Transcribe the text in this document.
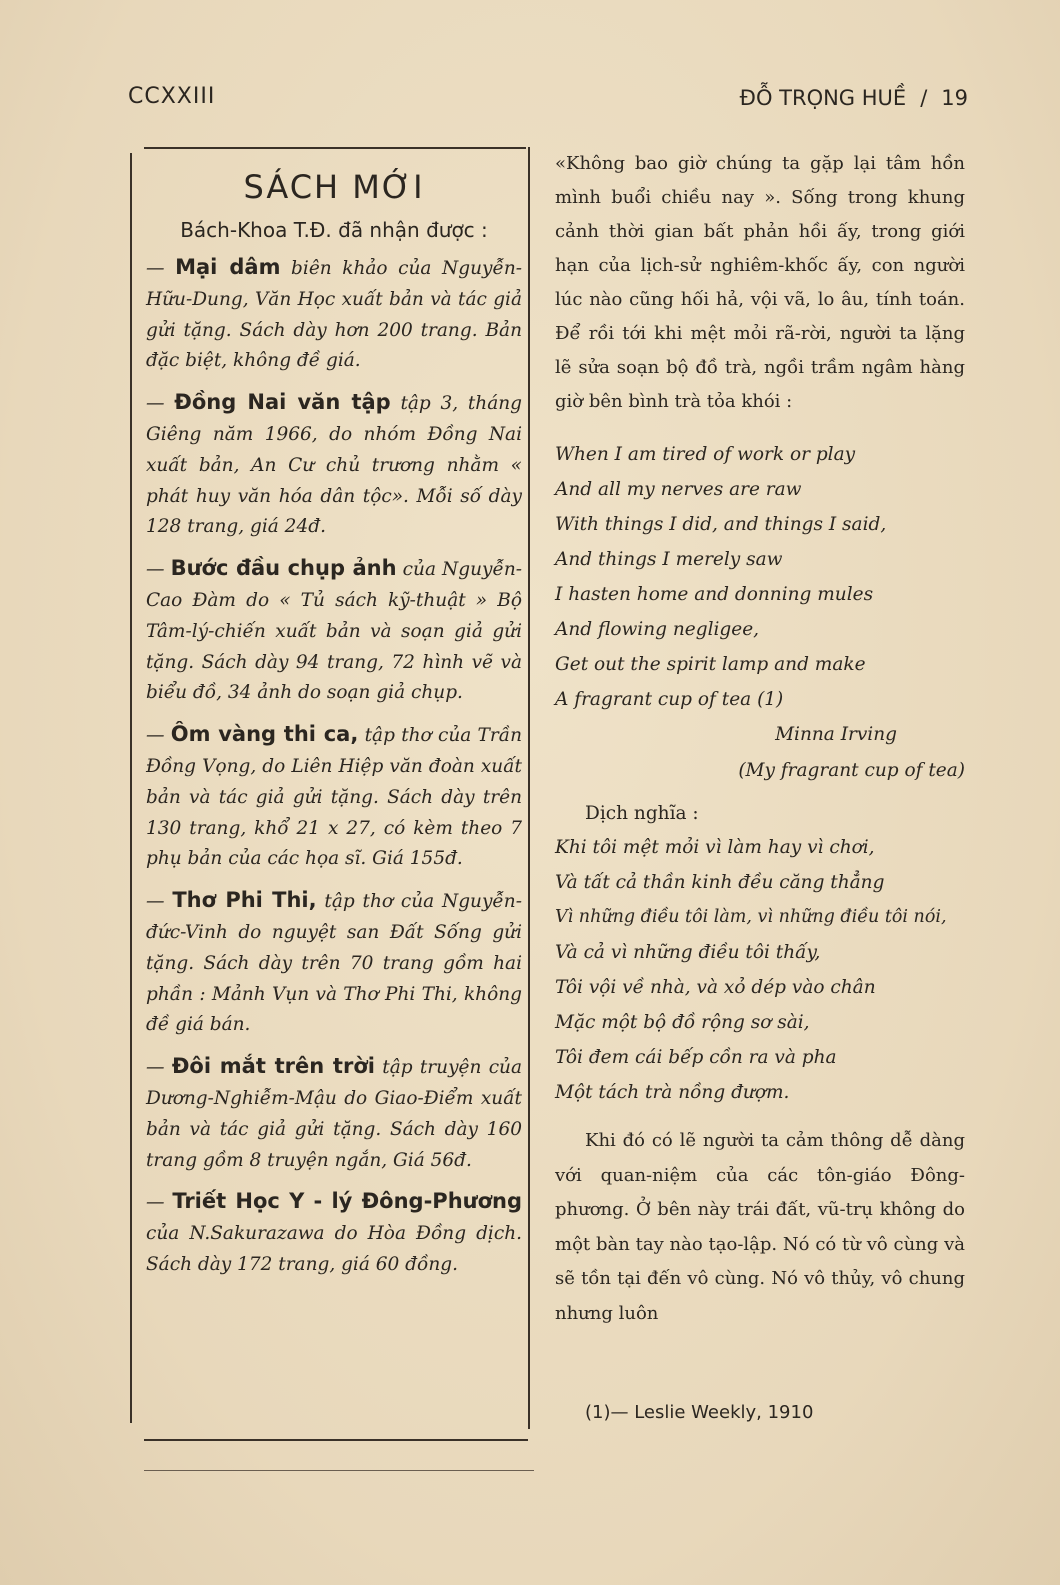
CCXXIII	ĐỖ TRỌNG HUỀ / 19
SÁCH MỚI
Bách-Khoa T.Đ. đã nhận được :
— Mại dâm biên khảo của Nguyễn-Hữu-Dung, Văn Học xuất bản và tác giả gửi tặng. Sách dày hơn 200 trang. Bản đặc biệt, không đề giá.
— Đồng Nai văn tập tập 3, tháng Giêng năm 1966, do nhóm Đồng Nai xuất bản, An Cư chủ trương nhằm « phát huy văn hóa dân tộc». Mỗi số dày 128 trang, giá 24đ.
— Bước đầu chụp ảnh của Nguyễn-Cao Đàm do « Tủ sách kỹ-thuật » Bộ Tâm-lý-chiến xuất bản và soạn giả gửi tặng. Sách dày 94 trang, 72 hình vẽ và biểu đồ, 34 ảnh do soạn giả chụp.
— Ôm vàng thi ca, tập thơ của Trần Đồng Vọng, do Liên Hiệp văn đoàn xuất bản và tác giả gửi tặng. Sách dày trên 130 trang, khổ 21 x 27, có kèm theo 7 phụ bản của các họa sĩ. Giá 155đ.
— Thơ Phi Thi, tập thơ của Nguyễn-đức-Vinh do nguyệt san Đất Sống gửi tặng. Sách dày trên 70 trang gồm hai phần : Mảnh Vụn và Thơ Phi Thi, không đề giá bán.
— Đôi mắt trên trời tập truyện của Dương-Nghiễm-Mậu do Giao-Điểm xuất bản và tác giả gửi tặng. Sách dày 160 trang gồm 8 truyện ngắn, Giá 56đ.
— Triết Học Y - lý Đông-Phương của N.Sakurazawa do Hòa Đồng dịch. Sách dày 172 trang, giá 60 đồng.
«Không bao giờ chúng ta gặp lại tâm hồn mình buổi chiều nay ». Sống trong khung cảnh thời gian bất phản hồi ấy, trong giới hạn của lịch-sử nghiêm-khốc ấy, con người lúc nào cũng hối hả, vội vã, lo âu, tính toán. Để rồi tới khi mệt mỏi rã-rời, người ta lặng lẽ sửa soạn bộ đồ trà, ngồi trầm ngâm hàng giờ bên bình trà tỏa khói :
When I am tired of work or play
And all my nerves are raw
With things I did, and things I said,
And things I merely saw
I hasten home and donning mules
And flowing negligee,
Get out the spirit lamp and make
A fragrant cup of tea (1)
Minna Irving
(My fragrant cup of tea)
Dịch nghĩa :
Khi tôi mệt mỏi vì làm hay vì chơi,
Và tất cả thần kinh đều căng thẳng
Vì những điều tôi làm, vì những điều tôi nói,
Và cả vì những điều tôi thấy,
Tôi vội về nhà, và xỏ dép vào chân
Mặc một bộ đồ rộng sơ sài,
Tôi đem cái bếp cồn ra và pha
Một tách trà nồng đượm.
Khi đó có lẽ người ta cảm thông dễ dàng với quan-niệm của các tôn-giáo Đông-phương. Ở bên này trái đất, vũ-trụ không do một bàn tay nào tạo-lập. Nó có từ vô cùng và sẽ tồn tại đến vô cùng. Nó vô thủy, vô chung nhưng luôn
(1)— Leslie Weekly, 1910
